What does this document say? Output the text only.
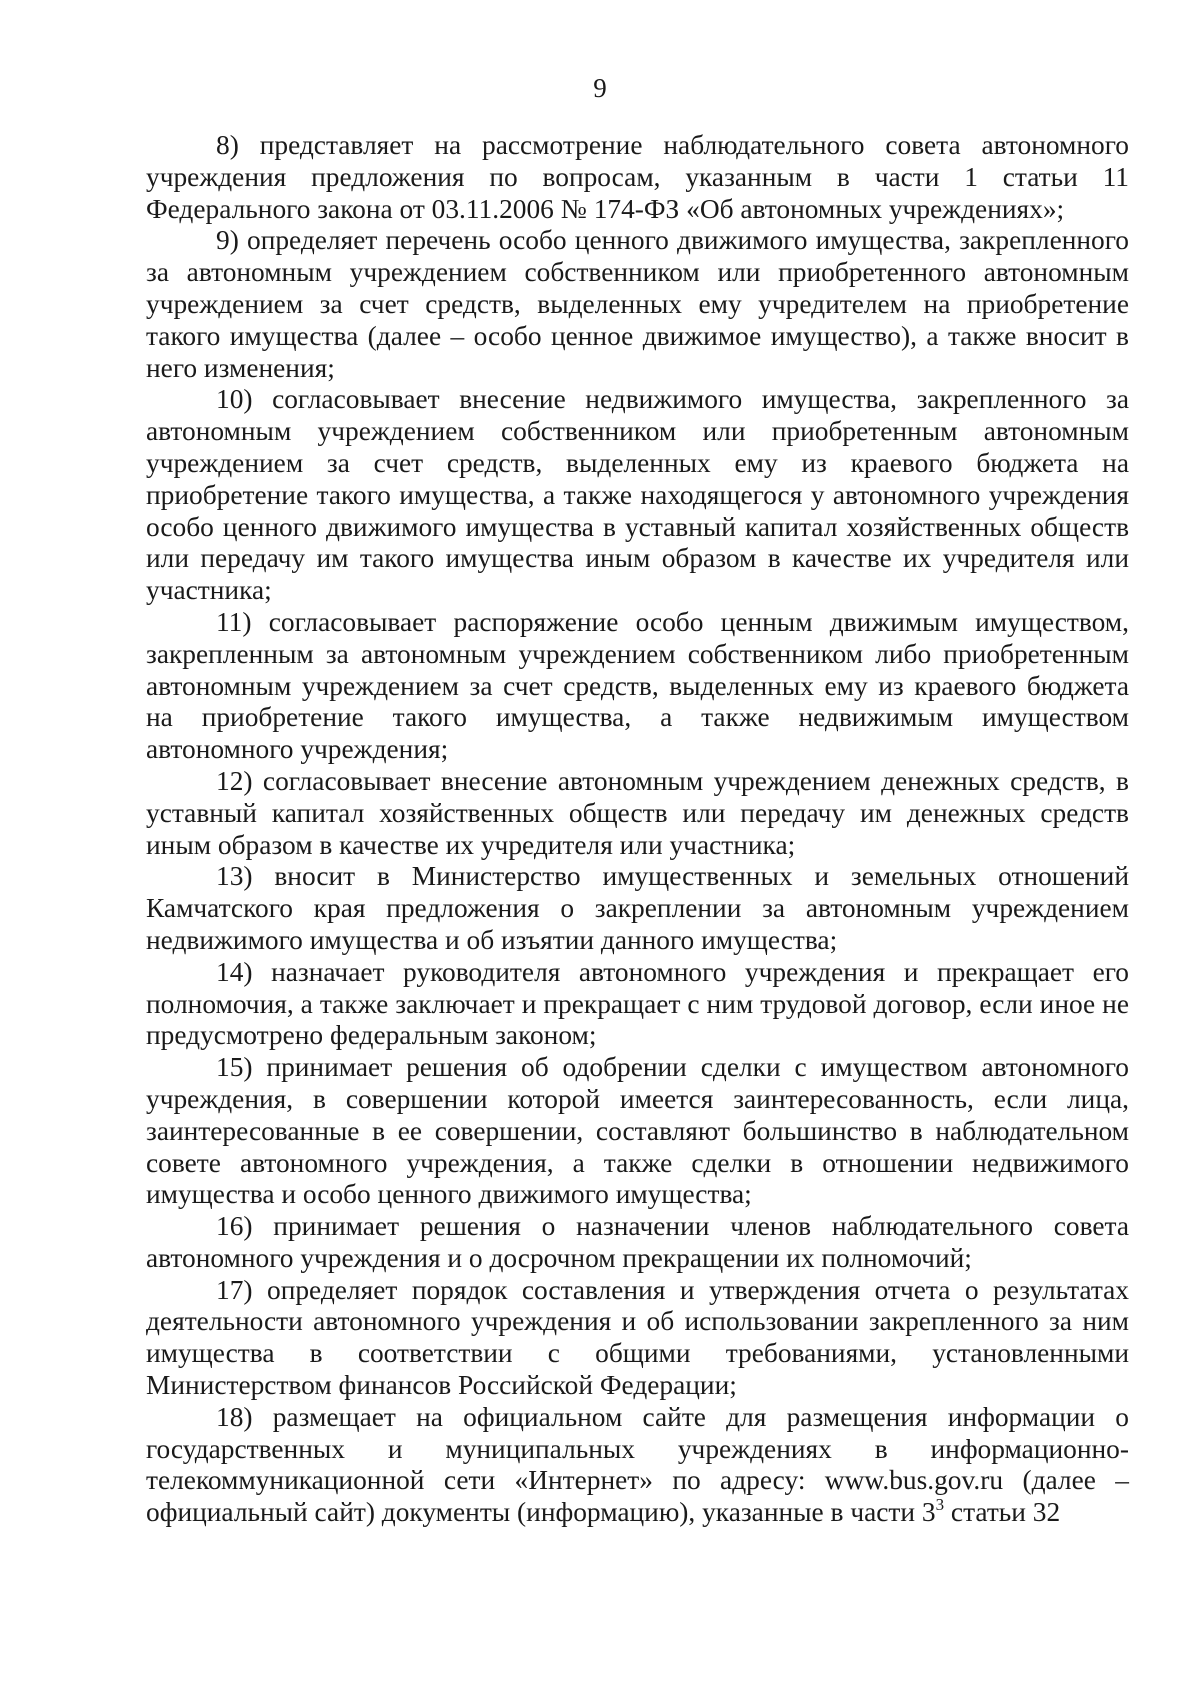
9

8) представляет на рассмотрение наблюдательного совета автономного учреждения предложения по вопросам, указанным в части 1 статьи 11 Федерального закона от 03.11.2006 № 174-ФЗ «Об автономных учреждениях»;

9) определяет перечень особо ценного движимого имущества, закрепленного за автономным учреждением собственником или приобретенного автономным учреждением за счет средств, выделенных ему учредителем на приобретение такого имущества (далее – особо ценное движимое имущество), а также вносит в него изменения;

10) согласовывает внесение недвижимого имущества, закрепленного за автономным учреждением собственником или приобретенным автономным учреждением за счет средств, выделенных ему из краевого бюджета на приобретение такого имущества, а также находящегося у автономного учреждения особо ценного движимого имущества в уставный капитал хозяйственных обществ или передачу им такого имущества иным образом в качестве их учредителя или участника;

11) согласовывает распоряжение особо ценным движимым имуществом, закрепленным за автономным учреждением собственником либо приобретенным автономным учреждением за счет средств, выделенных ему из краевого бюджета на приобретение такого имущества, а также недвижимым имуществом автономного учреждения;

12) согласовывает внесение автономным учреждением денежных средств, в уставный капитал хозяйственных обществ или передачу им денежных средств иным образом в качестве их учредителя или участника;

13) вносит в Министерство имущественных и земельных отношений Камчатского края предложения о закреплении за автономным учреждением недвижимого имущества и об изъятии данного имущества;

14) назначает руководителя автономного учреждения и прекращает его полномочия, а также заключает и прекращает с ним трудовой договор, если иное не предусмотрено федеральным законом;

15) принимает решения об одобрении сделки с имуществом автономного учреждения, в совершении которой имеется заинтересованность, если лица, заинтересованные в ее совершении, составляют большинство в наблюдательном совете автономного учреждения, а также сделки в отношении недвижимого имущества и особо ценного движимого имущества;

16) принимает решения о назначении членов наблюдательного совета автономного учреждения и о досрочном прекращении их полномочий;

17) определяет порядок составления и утверждения отчета о результатах деятельности автономного учреждения и об использовании закрепленного за ним имущества в соответствии с общими требованиями, установленными Министерством финансов Российской Федерации;

18) размещает на официальном сайте для размещения информации о государственных и муниципальных учреждениях в информационно-телекоммуникационной сети «Интернет» по адресу: www.bus.gov.ru (далее – официальный сайт) документы (информацию), указанные в части $3^3$ статьи 32
